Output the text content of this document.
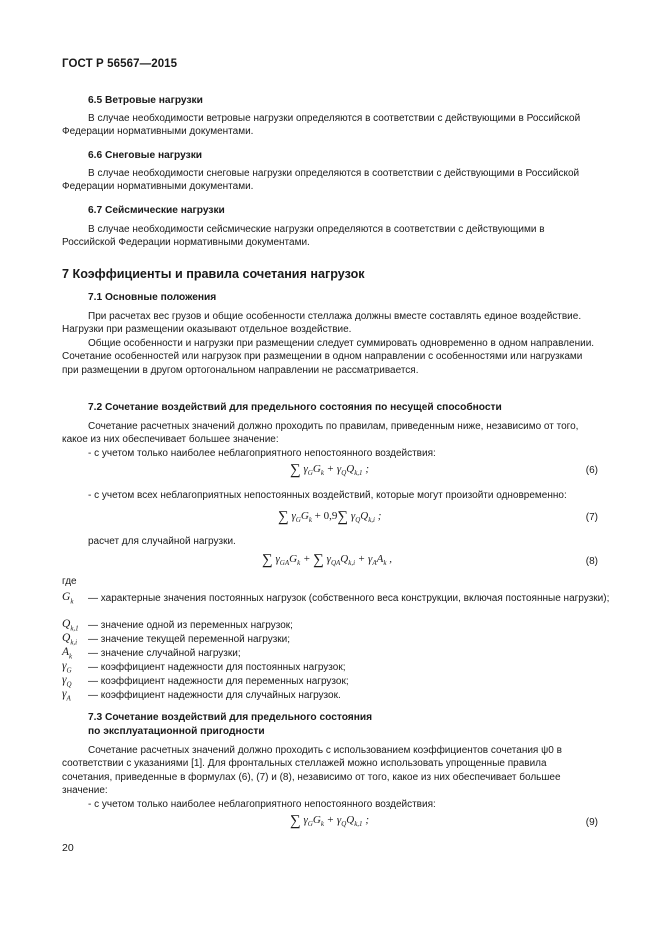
ГОСТ Р 56567—2015
6.5 Ветровые нагрузки

В случае необходимости ветровые нагрузки определяются в соответствии с действующими в Российской Федерации нормативными документами.

6.6 Снеговые нагрузки

В случае необходимости снеговые нагрузки определяются в соответствии с действующими в Российской Федерации нормативными документами.

6.7 Сейсмические нагрузки

В случае необходимости сейсмические нагрузки определяются в соответствии с действующими в Российской Федерации нормативными документами.

7 Коэффициенты и правила сочетания нагрузок
7.1 Основные положения

При расчетах вес грузов и общие особенности стеллажа должны вместе составлять единое воздействие. Нагрузки при размещении оказывают отдельное воздействие.

Общие особенности и нагрузки при размещении следует суммировать одновременно в одном направлении. Сочетание особенностей или нагрузок при размещении в одном направлении с особенностями или нагрузками при размещении в другом ортогональном направлении не рассматривается.

7.2 Сочетание воздействий для предельного состояния по несущей способности

Сочетание расчетных значений должно проходить по правилам, приведенным ниже, независимо от того, какое из них обеспечивает большее значение:

- с учетом только наиболее неблагоприятного непостоянного воздействия:

∑ $\gamma_GG_k + \gamma_QQ_{k,1}$ ;	(6)

- с учетом всех неблагоприятных непостоянных воздействий, которые могут произойти одновременно:

∑ $\gamma_GG_k + 0,9\sum$ $\gamma_QQ_{k,i}$ ;	(7)
расчет для случайной нагрузки.
∑ $\gamma_{GA}G_k$ + ∑ $\gamma_{QA}Q_{k,i} + \gamma_AA_k$ ,	(8)
где
$G_k$ — характерные значения постоянных нагрузок (собственного веса конструкции, включая постоянные нагрузки);

$Q_{k,1}$ — значение одной из переменных нагрузок;

$Q_{k,i}$ — значение текущей переменной нагрузки;

$A_k$ — значение случайной нагрузки;

$\gamma_G$ — коэффициент надежности для постоянных нагрузок;

$\gamma_Q$ — коэффициент надежности для переменных нагрузок;

$\gamma_A$ — коэффициент надежности для случайных нагрузок.

7.3 Сочетание воздействий для предельного состояния
по эксплуатационной пригодности

Сочетание расчетных значений должно проходить с использованием коэффициентов сочетания ψ0 в соответствии с указаниями [1]. Для фронтальных стеллажей можно использовать упрощенные правила сочетания, приведенные в формулах (6), (7) и (8), независимо от того, какое из них обеспечивает большее значение:

- с учетом только наиболее неблагоприятного непостоянного воздействия:

∑ $\gamma_GG_k + \gamma_QQ_{k,1}$ ;	(9)
20
